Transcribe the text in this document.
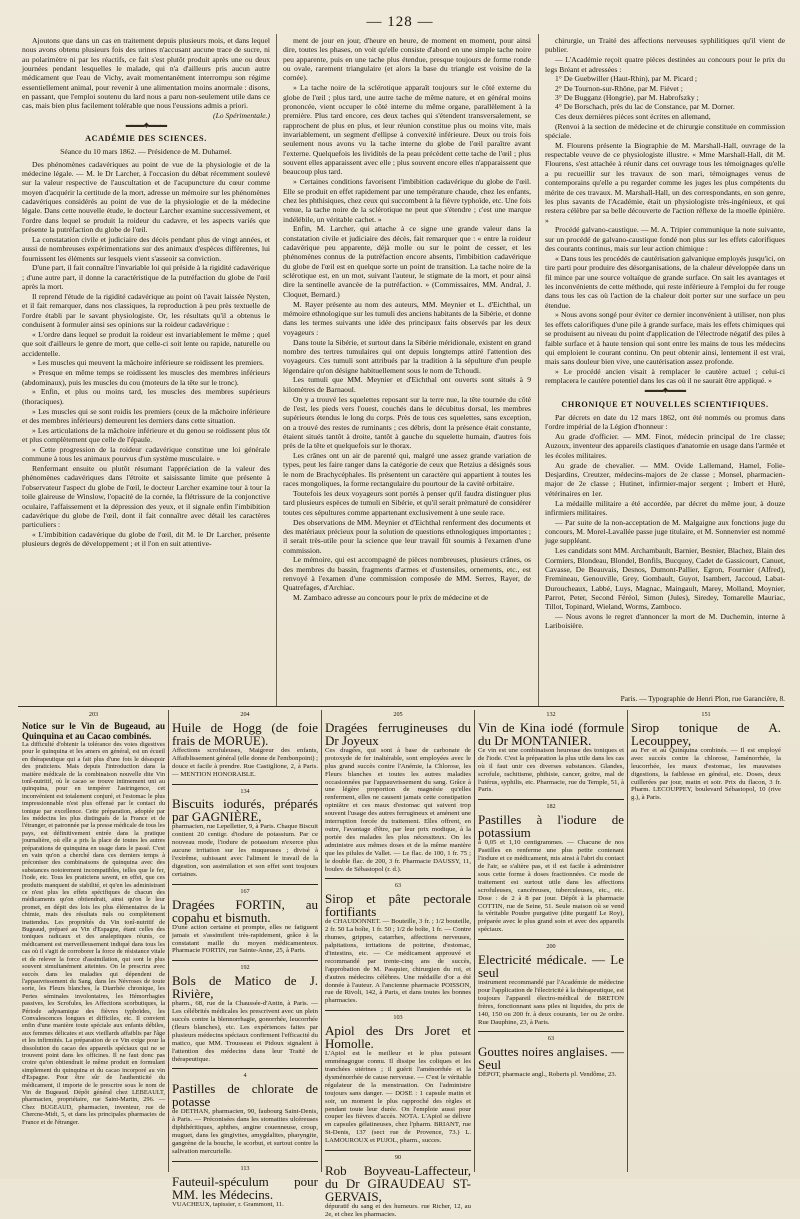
— 128 —

Ajoutons que dans un cas en traitement depuis plusieurs mois, et dans lequel nous avons obtenu plusieurs fois des urines n'accusant aucune trace de sucre, ni au polarimètre ni par les réactifs, ce fait s'est plutôt produit après une ou deux journées pendant lesquelles le malade, qui n'a d'ailleurs pris aucun autre médicament que l'eau de Vichy, avait momentanément interrompu son régime essentiellement animal, pour revenir à une alimentation moins anormale : disons, en passant, que l'emploi soutenu du lard nous a paru non-seulement utile dans ce cas, mais bien plus facilement tolérable que nous l'eussions admis a priori.

(Lo Spérimentale.)
▬▬▬◆▬▬▬
ACADÉMIE DES SCIENCES.
Séance du 10 mars 1862. — Présidence de M. Duhamel.

Des phénomènes cadavériques au point de vue de la physiologie et de la médecine légale. — M. le Dr Larcher, à l'occasion du débat récemment soulevé sur la valeur respective de l'auscultation et de l'acupuncture du cœur comme moyen d'acquérir la certitude de la mort, adresse un mémoire sur les phénomènes cadavériques considérés au point de vue de la physiologie et de la médecine légale. Dans cette nouvelle étude, le docteur Larcher examine successivement, et l'ordre dans lequel se produit la roideur du cadavre, et les aspects variés que présente la putréfaction du globe de l'œil.

La constatation civile et judiciaire des décès pendant plus de vingt années, et aussi de nombreuses expérimentations sur des animaux d'espèces différentes, lui fournissent les éléments sur lesquels vient s'asseoir sa conviction.

D'une part, il fait connaître l'invariable loi qui préside à la rigidité cadavérique ; d'une autre part, il donne la caractéristique de la putréfaction du globe de l'œil après la mort.

Il reprend l'étude de la rigidité cadavérique au point où l'avait laissée Nysten, et il fait remarquer, dans nos classiques, la reproduction à peu près textuelle de l'ordre établi par le savant physiologiste. Or, les résultats qu'il a obtenus le conduisent à formuler ainsi ses opinions sur la roideur cadavérique :

« L'ordre dans lequel se produit la roideur est invariablement le même ; quel que soit d'ailleurs le genre de mort, que celle-ci soit lente ou rapide, naturelle ou accidentelle.

» Les muscles qui meuvent la mâchoire inférieure se roidissent les premiers.

» Presque en même temps se roidissent les muscles des membres inférieurs (abdominaux), puis les muscles du cou (moteurs de la tête sur le tronc).

» Enfin, et plus ou moins tard, les muscles des membres supérieurs (thoraciques).

» Les muscles qui se sont roidis les premiers (ceux de la mâchoire inférieure et des membres inférieurs) demeurent les derniers dans cette situation.

» Les articulations de la mâchoire inférieure et du genou se roidissent plus tôt et plus complètement que celle de l'épaule.

» Cette progression de la roideur cadavérique constitue une loi générale commune à tous les animaux pourvus d'un système musculaire. »

Renfermant ensuite ou plutôt résumant l'appréciation de la valeur des phénomènes cadavériques dans l'étroite et saisissante limite que présente à l'observateur l'aspect du globe de l'œil, le docteur Larcher examine tour à tour la toile glaireuse de Winslow, l'opacité de la cornée, la flétrissure de la conjonctive oculaire, l'affaissement et la dépression des yeux, et il signale enfin l'imbibition cadavérique du globe de l'œil, dont il fait connaître avec détail les caractères particuliers :

« L'imbibition cadavérique du globe de l'œil, dit M. le Dr Larcher, présente plusieurs degrés de développement ; et il l'on en suit attentive-

ment de jour en jour, d'heure en heure, de moment en moment, pour ainsi dire, toutes les phases, on voit qu'elle consiste d'abord en une simple tache noire peu apparente, puis en une tache plus étendue, presque toujours de forme ronde ou ovale, rarement triangulaire (et alors la base du triangle est voisine de la cornée).

» La tache noire de la sclérotique apparaît toujours sur le côté externe du globe de l'œil ; plus tard, une autre tache de même nature, et en général moins prononcée, vient occuper le côté interne du même organe, parallèlement à la première. Plus tard encore, ces deux taches qui s'étendent transversalement, se rapprochent de plus en plus, et leur réunion constitue plus ou moins vite, mais invariablement, un segment d'ellipse à convexité inférieure. Deux ou trois fois seulement nous avons vu la tache interne du globe de l'œil paraître avant l'externe. Quelquefois les lividités de la peau précèdent cette tache de l'œil ; plus souvent elles apparaissent avec elle ; plus souvent encore elles n'apparaissent que beaucoup plus tard.

» Certaines conditions favorisent l'imbibition cadavérique du globe de l'œil. Elle se produit en effet rapidement par une température chaude, chez les enfants, chez les phthisiques, chez ceux qui succombent à la fièvre typhoïde, etc. Une fois venue, la tache noire de la sclérotique ne peut que s'étendre ; c'est une marque indélébile, un véritable cachet. »

Enfin, M. Larcher, qui attache à ce signe une grande valeur dans la constatation civile et judiciaire des décès, fait remarquer que : « entre la roideur cadavérique peu apparente, déjà molle ou sur le point de cesser, et les phénomènes connus de la putréfaction encore absents, l'imbibition cadavérique du globe de l'œil est en quelque sorte un point de transition. La tache noire de la sclérotique est, en un mot, suivant l'auteur, le stigmate de la mort, et pour ainsi dire la sentinelle avancée de la putréfaction. » (Commissaires, MM. Andral, J. Cloquet, Bernard.)

M. Rayer présente au nom des auteurs, MM. Meynier et L. d'Eichthal, un mémoire ethnologique sur les tumuli des anciens habitants de la Sibérie, et donne dans les termes suivants une idée des principaux faits observés par les deux voyageurs :

Dans toute la Sibérie, et surtout dans la Sibérie méridionale, existent en grand nombre des tertres tumulaires qui ont depuis longtemps attiré l'attention des voyageurs. Ces tumuli sont attribués par la tradition à la sépulture d'un peuple légendaire qu'on désigne habituellement sous le nom de Tchoudi.

Les tumuli que MM. Meynier et d'Eichthal ont ouverts sont situés à 9 kilomètres de Barnaoul.

On y a trouvé les squelettes reposant sur la terre nue, la tête tournée du côté de l'est, les pieds vers l'ouest, couchés dans le décubitus dorsal, les membres supérieurs étendus le long du corps. Près de tous ces squelettes, sans exception, on a trouvé des restes de ruminants ; ces débris, dont la présence était constante, étaient situés tantôt à droite, tantôt à gauche du squelette humain, d'autres fois près de la tête et quelquefois sur le thorax.

Les crânes ont un air de parenté qui, malgré une assez grande variation de types, peut les faire ranger dans la catégorie de ceux que Retzius a désignés sous le nom de Brachycéphales. Ils présentent un caractère qui appartient à toutes les races mongoliques, la forme rectangulaire du pourtour de la cavité orbitaire.

Toutefois les deux voyageurs sont portés à penser qu'il faudra distinguer plus tard plusieurs espèces de tumuli en Sibérie, et qu'il serait prématuré de considérer toutes ces sépultures comme appartenant exclusivement à une seule race.

Des observations de MM. Meynier et d'Eichthal renferment des documents et des matériaux précieux pour la solution de questions ethnologiques importantes ; il serait très-utile pour la science que leur travail fût soumis à l'examen d'une commission.

Le mémoire, qui est accompagné de pièces nombreuses, plusieurs crânes, os des membres du bassin, fragments d'armes et d'ustensiles, ornements, etc., est renvoyé à l'examen d'une commission composée de MM. Serres, Rayer, de Quatrefages, d'Archiac.

M. Zambaco adresse au concours pour le prix de médecine et de

chirurgie, un Traité des affections nerveuses syphilitiques qu'il vient de publier.

— L'Académie reçoit quatre pièces destinées au concours pour le prix du legs Bréant et adressées :

1° De Guebwiller (Haut-Rhin), par M. Picard ;
2° De Tournon-sur-Rhône, par M. Fiévet ;
3° De Bugganz (Hongrie), par M. Habrofszky ;
4° De Borschach, près du lac de Constance, par M. Dorner.

Ces deux dernières pièces sont écrites en allemand,

(Renvoi à la section de médecine et de chirurgie constituée en commission spéciale.

M. Flourens présente la Biographie de M. Marshall-Hall, ouvrage de la respectable veuve de ce physiologiste illustre. « Mme Marshall-Hall, dit M. Flourens, s'est attachée à réunir dans cet ouvrage tous les témoignages qu'elle a pu recueillir sur les travaux de son mari, témoignages venus de contemporains qu'elle a pu regarder comme les juges les plus compétents du mérite de ces travaux. M. Marshall-Hall, un des correspondants, en son genre, les plus savants de l'Académie, était un physiologiste très-ingénieux, et qui restera célèbre par sa belle découverte de l'action réflexe de la moelle épinière. »

Procédé galvano-caustique. — M. A. Tripier communique la note suivante, sur un procédé de galvano-caustique fondé non plus sur les effets calorifiques des courants continus, mais sur leur action chimique :

« Dans tous les procédés de cautérisation galvanique employés jusqu'ici, on tire parti pour produire des désorganisations, de la chaleur développée dans un fil mince par une source voltaïque de grande surface. On sait les avantages et les inconvénients de cette méthode, qui reste inférieure à l'emploi du fer rouge dans tous les cas où l'action de la chaleur doit porter sur une surface un peu étendue.

» Nous avons songé pour éviter ce dernier inconvénient à utiliser, non plus les effets calorifiques d'une pile à grande surface, mais les effets chimiques qui se produisent au niveau du point d'application de l'électrode négatif des piles à faible surface et à haute tension qui sont entre les mains de tous les médecins qui emploient le courant continu. On peut obtenir ainsi, lentement il est vrai, mais sans douleur bien vive, une cautérisation assez profonde.

» Le procédé ancien visait à remplacer le cautère actuel ; celui-ci remplacera le cautère potentiel dans les cas où il ne saurait être appliqué. »

▬▬▬◆▬▬▬
CHRONIQUE ET NOUVELLES SCIENTIFIQUES.

Par décrets en date du 12 mars 1862, ont été nommés ou promus dans l'ordre impérial de la Légion d'honneur :

Au grade d'officier. — MM. Finot, médecin principal de 1re classe; Auzoux, inventeur des appareils clastiques d'anatomie en usage dans l'armée et les écoles militaires.

Au grade de chevalier. — MM. Ovide Lallemand, Hamel, Folie-Desjardins, Creutzer, médecins-majors de 2e classe ; Monsel, pharmacien-major de 2e classe ; Hutinet, infirmier-major sergent ; Imbert et Huré, vétérinaires en 1er.

La médaille militaire a été accordée, par décret du même jour, à douze infirmiers militaires.

— Par suite de la non-acceptation de M. Malgaigne aux fonctions juge du concours, M. Morel-Lavallée passe juge titulaire, et M. Sonnenvier est nommé juge suppléant.

Les candidats sont MM. Archambault, Barnier, Besnier, Blachez, Blain des Cormiers, Blondeau, Blondel, Bonfils, Bucquoy, Cadet de Gassicourt, Canuet, Cavasse, De Beauvais, Desnos, Dumont-Pallier, Egron, Fournier (Alfred), Fremineau, Genouville, Grey, Gombault, Guyot, Isambert, Jaccoud, Labat-Duroucheaux, Labbé, Luys, Magnac, Maingault, Marey, Molland, Moynier, Parrot, Peter, Second Féréol, Simon (Jules), Siredey, Tomarelle Mauriac, Tillot, Topinard, Wieland, Worms, Zamboco.

— Nous avons le regret d'annoncer la mort de M. Duchemin, interne à Lariboisière.

Paris. — Typographie de Henri Plon, rue Garancière, 8.
203
Notice sur le Vin de Bugeaud, au Quinquina et au Cacao combinés.
La difficulté d'obtenir la tolérance des voies digestives pour le quinquina et les amers en général, est un écueil en thérapeutique qui a fait plus d'une fois le désespoir des praticiens. Mais depuis l'introduction dans la matière médicale de la combinaison nouvelle dite Vin tonî-nutritif, où le cacao se trouve intimement uni au quinquina, pour en tempérer l'astringence, cet inconvénient est totalement conjuré, et l'estomac le plus impressionnable n'est plus offensé par le contact du tonique par excellence. Cette préparation, adoptée par les médecins les plus distingués de la France et de l'étranger, et patronnée par la presse médicale de tous les pays, est définitivement entrée dans la pratique journalière, où elle a pris la place de toutes les autres préparations de quinquina en usage dans le passé. C'est en vain qu'on a cherché dans ces derniers temps à préconiser des combinaisons de quinquina avec des substances notoirement incompatibles, telles que le fer, l'iode, etc. Tous les praticiens savent, en effet, que ces produits manquent de stabilité, et qu'en les administrant ce n'est plus les effets spécifiques de chacun des médicaments qu'on obtiendrait, ainsi qu'on le leur promet, en dépit des lois les plus élémentaires de la chimie, mais des résultats nuls ou complètement inattendus. Les propriétés du Vin tonî-nutritif de Bugeaud, préparé au Vin d'Espagne, étant celles des toniques radicaux et des analeptiques réunis, ce médicament est merveilleusement indiqué dans tous les cas où il s'agit de corroborer la force de résistance vitale et de relever la force d'assimilation, qui sont le plus souvent simultanément atteintes. On le prescrira avec succès dans les maladies qui dépendent de l'appauvrissement du Sang, dans les Névroses de toute sorte, les Fleurs blanches, la Diarrhée chronique, les Pertes séminales involontaires, les Hémorrhagies passives, les Scrofules, les Affections scorbutiques, la Période adynamique des fièvres typhoïdes, les Convalescences longues et difficiles, etc. Il convient enfin d'une manière toute spéciale aux enfants débiles, aux femmes délicates et aux vieillards affaiblis par l'âge et les infirmités. La préparation de ce Vin exige pour la dissolution du cacao des appareils spéciaux qui ne se trouvent point dans les officines. Il ne faut donc pas croire qu'on obtiendrait le même produit en formulant simplement du quinquina et du cacao incorporé au vin d'Espagne. Pour être sûr de l'authenticité du médicament, il importe de le prescrire sous le nom de Vin de Bugeaud. Dépôt général chez LEBEAULT, pharmacien, propriétaire, rue Saint-Martin, 296. — Chez BUGEAUD, pharmacien, inventeur, rue de Chercne-Midi, 5, et dans les principales pharmacies de France et de l'étranger.
204
Huile de Hogg (de foie frais de MORUE).
Affections scrofuleuses, Maigreur des enfants, Affaiblissement général (elle donne de l'embonpoint) ; douce et facile à prendre. Rue Castiglione, 2, à Paris. — MENTION HONORABLE.
134
Biscuits iodurés, préparés par GAGNIÈRE,
pharmacien, rue Lepelletier, 9, à Paris. Chaque Biscuit contient 20 centigr. d'iodure de potassium. Par ce nouveau mode, l'iodure de potassium n'exerce plus aucune irritation sur les muqueuses ; divisé à l'extrême, subissant avec l'aliment le travail de la digestion, son assimilation et son effet sont toujours certaines.
167
Dragées FORTIN, au copahu et bismuth.
D'une action certaine et prompte, elles ne fatiguent jamais et s'assimilent très-rapidement, grâce à la constatant maille du moyen médicamenteux. Pharmacie FORTIN, rue Sainte-Anne, 25, à Paris.
192
Bols de Matico de J. Rivière,
pharm., 68, rue de la Chaussée-d'Antin, à Paris. — Les célébrités médicales les prescrivent avec un plein succès contre la blennorrhagie, gonorrhée, leucorrhée (fleurs blanches), etc. Les expériences faites par plusieurs médecins spéciaux confirment l'efficacité du matico, que MM. Trousseau et Pidoux signalent à l'attention des médecins dans leur Traité de thérapeutique.
4
Pastilles de chlorate de potasse
de DETHAN, pharmacien, 90, faubourg Saint-Denis, à Paris. — Préconisées dans les stomatites ulcéreuses diphthéritiques, aphthes, angine couenneuse, croup, muguet, dans les gingivites, amygdalites, pharyngite, gangrène de la bouche, le scorbut, et surtout contre la salivation mercurielle.
113
Fauteuil-spéculum pour MM. les Médecins.
VUACHEUX, tapissier, r. Grammont, 11.
205
Dragées ferrugineuses du Dr Joyeux
Ces dragées, qui sont à base de carbonate de protoxyde de fer inaltérable, sont employées avec le plus grand succès contre l'Anémie, la Chlorose, les Fleurs blanches et toutes les autres maladies occasionnées par l'appauvrissement du sang. Grâce à une légère proportion de magnésie qu'elles renferment, elles ne causent jamais cette constipation opiniâtre et ces maux d'estomac qui suivent trop souvent l'usage des autres ferrugineux et amènent une interruption forcée du traitement. Elles offrent, en outre, l'avantage d'être, par leur prix modique, à la portée des malades les plus nécessiteux. On les administre aux mêmes doses et de la même manière que les pilules de Vallet. — Le flac. de 100, 1 fr. 75 ; le double flac. de 200, 3 fr. Pharmacie DAUSSY, 11, boulev. de Sébastopol (r. d.).
63
Sirop et pâte pectorale fortifiants
de CHAUDONNET. — Bouteille, 3 fr. ; 1/2 bouteille, 2 fr. 50 La boîte, 1 fr. 50 ; 1/2 de boîte, 1 fr. — Contre rhumes, grippes, catarrhes, affections nerveuses, palpitations, irritations de poitrine, d'estomac, d'intestins, etc. — Ce médicament approuvé et recommandé par trente-cinq ans de succès, l'approbation de M. Pasquier, chirurgien du roi, et d'autres médecins célèbres. Une médaille d'or a été donnée à l'auteur. A l'ancienne pharmacie POISSON, rue de Rivoli, 142, à Paris, et dans toutes les bonnes pharmacies.
103
Apiol des Drs Joret et Homolle.
L'Apiol est le meilleur et le plus puissant emménagogue connu. Il dissipe les coliques et les tranchées utérines ; il guérit l'aménorrhée et la dysménorrhée de cause nerveuse. — C'est le véritable régulateur de la menstruation. On l'administre toujours sans danger. — DOSE : 1 capsule matin et soir, un moment le plus rapproché des règles et pendant toute leur durée. On l'emploie aussi pour couper les fièvres d'accès. NOTA. L'Apiol se délivre en capsules gélatineuses, chez l'pharm. BRIANT, rue St-Denis, 137 (sect rue de Provence, 73.) L. LAMOUROUX et PUJOL, pharm., succes.
90
Rob Boyveau-Laffecteur, du Dr GIRAUDEAU ST-GERVAIS,
dépuratif du sang et des humeurs. rue Richer, 12, au 2e, et chez les pharmacies.
132
Vin de Kina iodé (formule du Dr MONTANIER.
Ce vin est une combinaison heureuse des toniques et de l'iode. C'est la préparation la plus utile dans les cas où il faut unir ces diverses substances. Glandes, scrofule, rachitisme, phthisie, cancer, goitre, mal de l'utérus, syphilis, etc. Pharmacie, rue du Temple, 51, à Paris.
182
Pastilles à l'iodure de potassium
à 0,05 et 1,10 centigrammes. — Chacune de nos Pastilles en renferme une plus petite contenant l'iodure et ce médicament, mis ainsi à l'abri du contact de l'air, se s'altère pas, et il est facile à administrer sous cette forme à doses fractionnées. Ce mode de traitement est surtout utile dans les affections scrofuleuses, cancéreuses, tuberculeuses, etc., etc. Dose : de 2 à 8 par jour. Dépôt à la pharmacie COTTIN, rue de Seine, 51. Seule maison où se vend la véritable Poudre purgative (dite purgatif Le Roy), préparée avec le plus grand soin et avec des appareils spéciaux.
200
Electricité médicale. — Le seul
instrument recommandé par l'Académie de médecine pour l'application de l'électricité à la thérapeutique, est toujours l'appareil électro-médical de BRETON frères, fonctionnant sans piles ni liquides, du prix de 140, 150 ou 200 fr. à deux courants, 1er ou 2e ordre. Rue Dauphine, 23, à Paris.
63
Gouttes noires anglaises. — Seul
DÉPOT, pharmacie angl., Roberts pl. Vendôme, 23.
151
Sirop tonique de A. Lecouppey,
au Fer et au Quinquina combinés. — Il est employé avec succès contre la chlorose, l'aménorrhée, la leucorrhée, les maux d'estomac, les mauvaises digestions, la faiblesse en général, etc. Doses, deux cuillerées par jour, matin et soir. Prix du flacon, 3 fr. Pharm. LECOUPPEY, boulevard Sébastopol, 10 (rive g.), à Paris.
